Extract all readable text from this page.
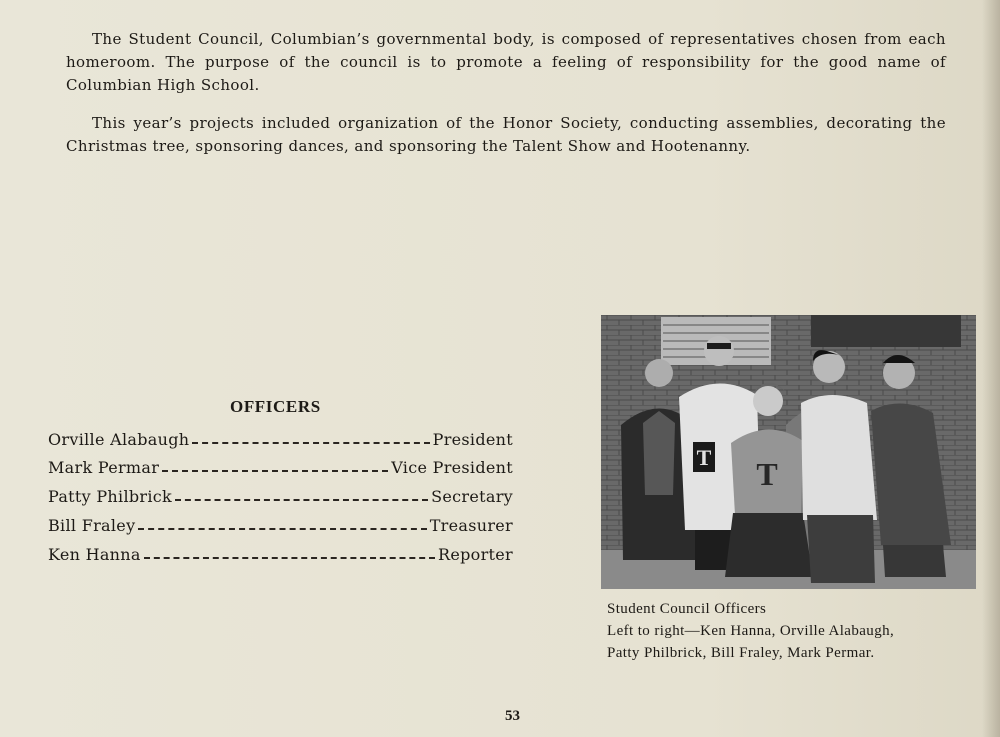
The Student Council, Columbian’s governmental body, is composed of representatives chosen from each homeroom. The purpose of the council is to promote a feeling of responsibility for the good name of Columbian High School.

This year’s projects included organization of the Honor Society, conducting assemblies, decorating the Christmas tree, sponsoring dances, and sponsoring the Talent Show and Hootenanny.

OFFICERS
Orville Alabaugh	President
Mark Permar	Vice President
Patty Philbrick	Secretary
Bill Fraley	Treasurer
Ken Hanna	Reporter
T T
Student Council Officers
Left to right—Ken Hanna, Orville Alabaugh,
Patty Philbrick, Bill Fraley, Mark Permar.
53
